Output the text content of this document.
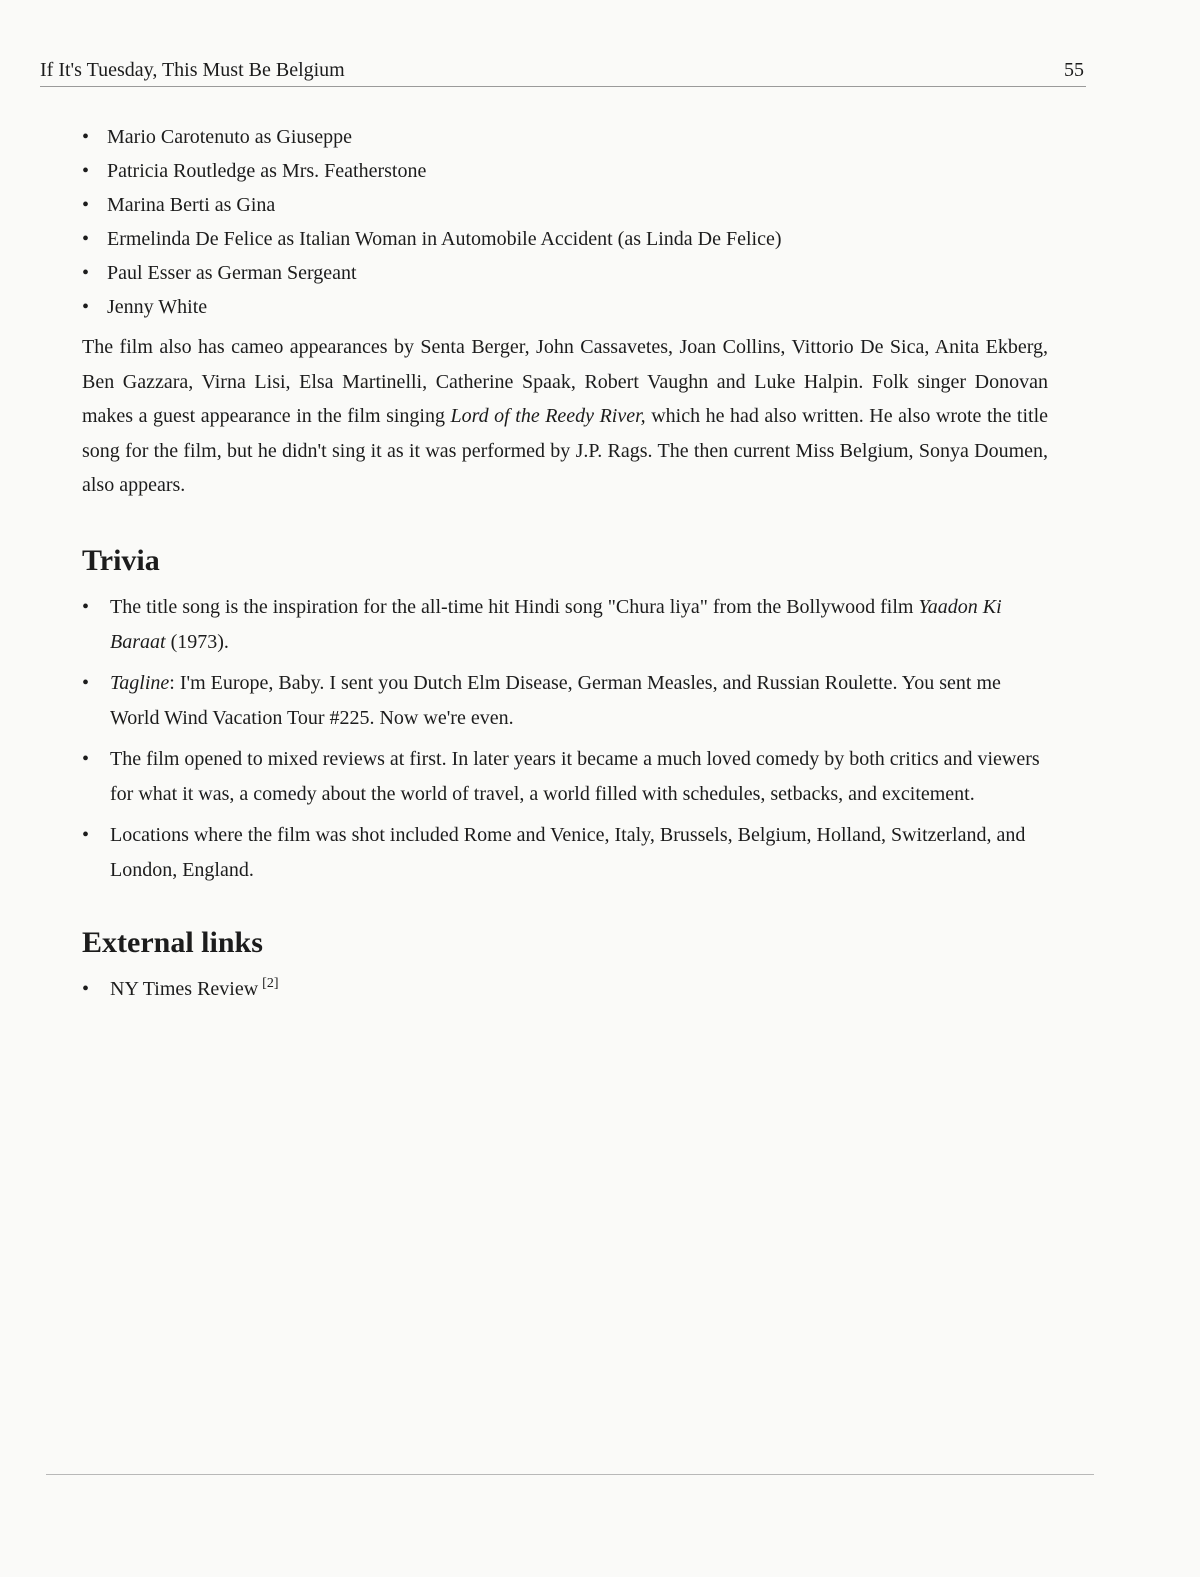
If It's Tuesday, This Must Be Belgium	55
• Mario Carotenuto as Giuseppe
• Patricia Routledge as Mrs. Featherstone
• Marina Berti as Gina
• Ermelinda De Felice as Italian Woman in Automobile Accident (as Linda De Felice)
• Paul Esser as German Sergeant
• Jenny White

The film also has cameo appearances by Senta Berger, John Cassavetes, Joan Collins, Vittorio De Sica, Anita Ekberg, Ben Gazzara, Virna Lisi, Elsa Martinelli, Catherine Spaak, Robert Vaughn and Luke Halpin. Folk singer Donovan makes a guest appearance in the film singing Lord of the Reedy River, which he had also written. He also wrote the title song for the film, but he didn't sing it as it was performed by J.P. Rags. The then current Miss Belgium, Sonya Doumen, also appears.

Trivia
• The title song is the inspiration for the all-time hit Hindi song "Chura liya" from the Bollywood film Yaadon Ki Baraat (1973).
• Tagline: I'm Europe, Baby. I sent you Dutch Elm Disease, German Measles, and Russian Roulette. You sent me World Wind Vacation Tour #225. Now we're even.
• The film opened to mixed reviews at first. In later years it became a much loved comedy by both critics and viewers for what it was, a comedy about the world of travel, a world filled with schedules, setbacks, and excitement.
• Locations where the film was shot included Rome and Venice, Italy, Brussels, Belgium, Holland, Switzerland, and London, England.
External links
• NY Times Review [2]
